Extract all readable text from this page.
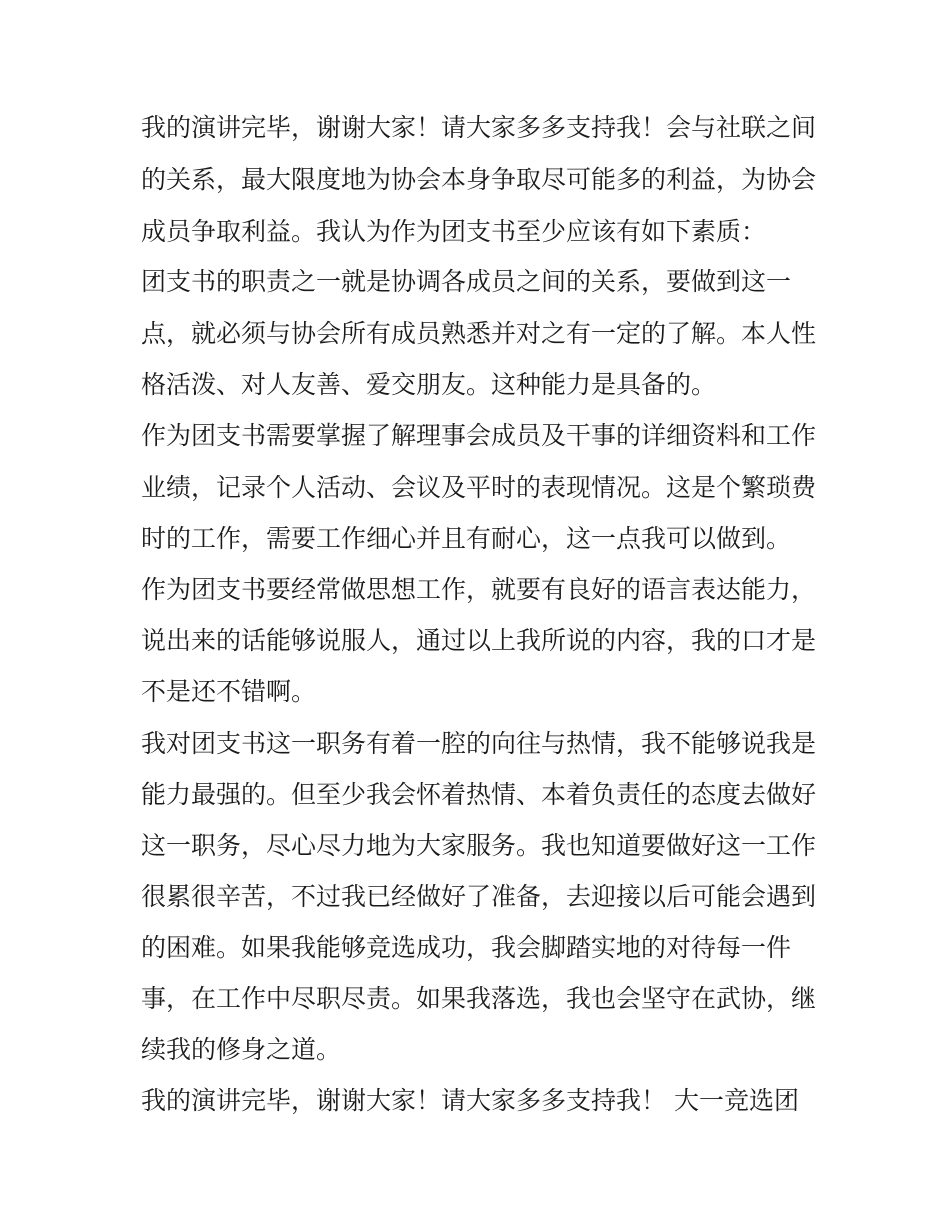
我的演讲完毕，谢谢大家！请大家多多支持我！会与社联之间
的关系，最大限度地为协会本身争取尽可能多的利益，为协会
成员争取利益。我认为作为团支书至少应该有如下素质：
团支书的职责之一就是协调各成员之间的关系，要做到这一
点，就必须与协会所有成员熟悉并对之有一定的了解。本人性
格活泼、对人友善、爱交朋友。这种能力是具备的。
作为团支书需要掌握了解理事会成员及干事的详细资料和工作
业绩，记录个人活动、会议及平时的表现情况。这是个繁琐费
时的工作，需要工作细心并且有耐心，这一点我可以做到。
作为团支书要经常做思想工作，就要有良好的语言表达能力，
说出来的话能够说服人，通过以上我所说的内容，我的口才是
不是还不错啊。
我对团支书这一职务有着一腔的向往与热情，我不能够说我是
能力最强的。但至少我会怀着热情、本着负责任的态度去做好
这一职务，尽心尽力地为大家服务。我也知道要做好这一工作
很累很辛苦，不过我已经做好了准备，去迎接以后可能会遇到
的困难。如果我能够竞选成功，我会脚踏实地的对待每一件
事，在工作中尽职尽责。如果我落选，我也会坚守在武协，继
续我的修身之道。
我的演讲完毕，谢谢大家！请大家多多支持我！ 大一竞选团
